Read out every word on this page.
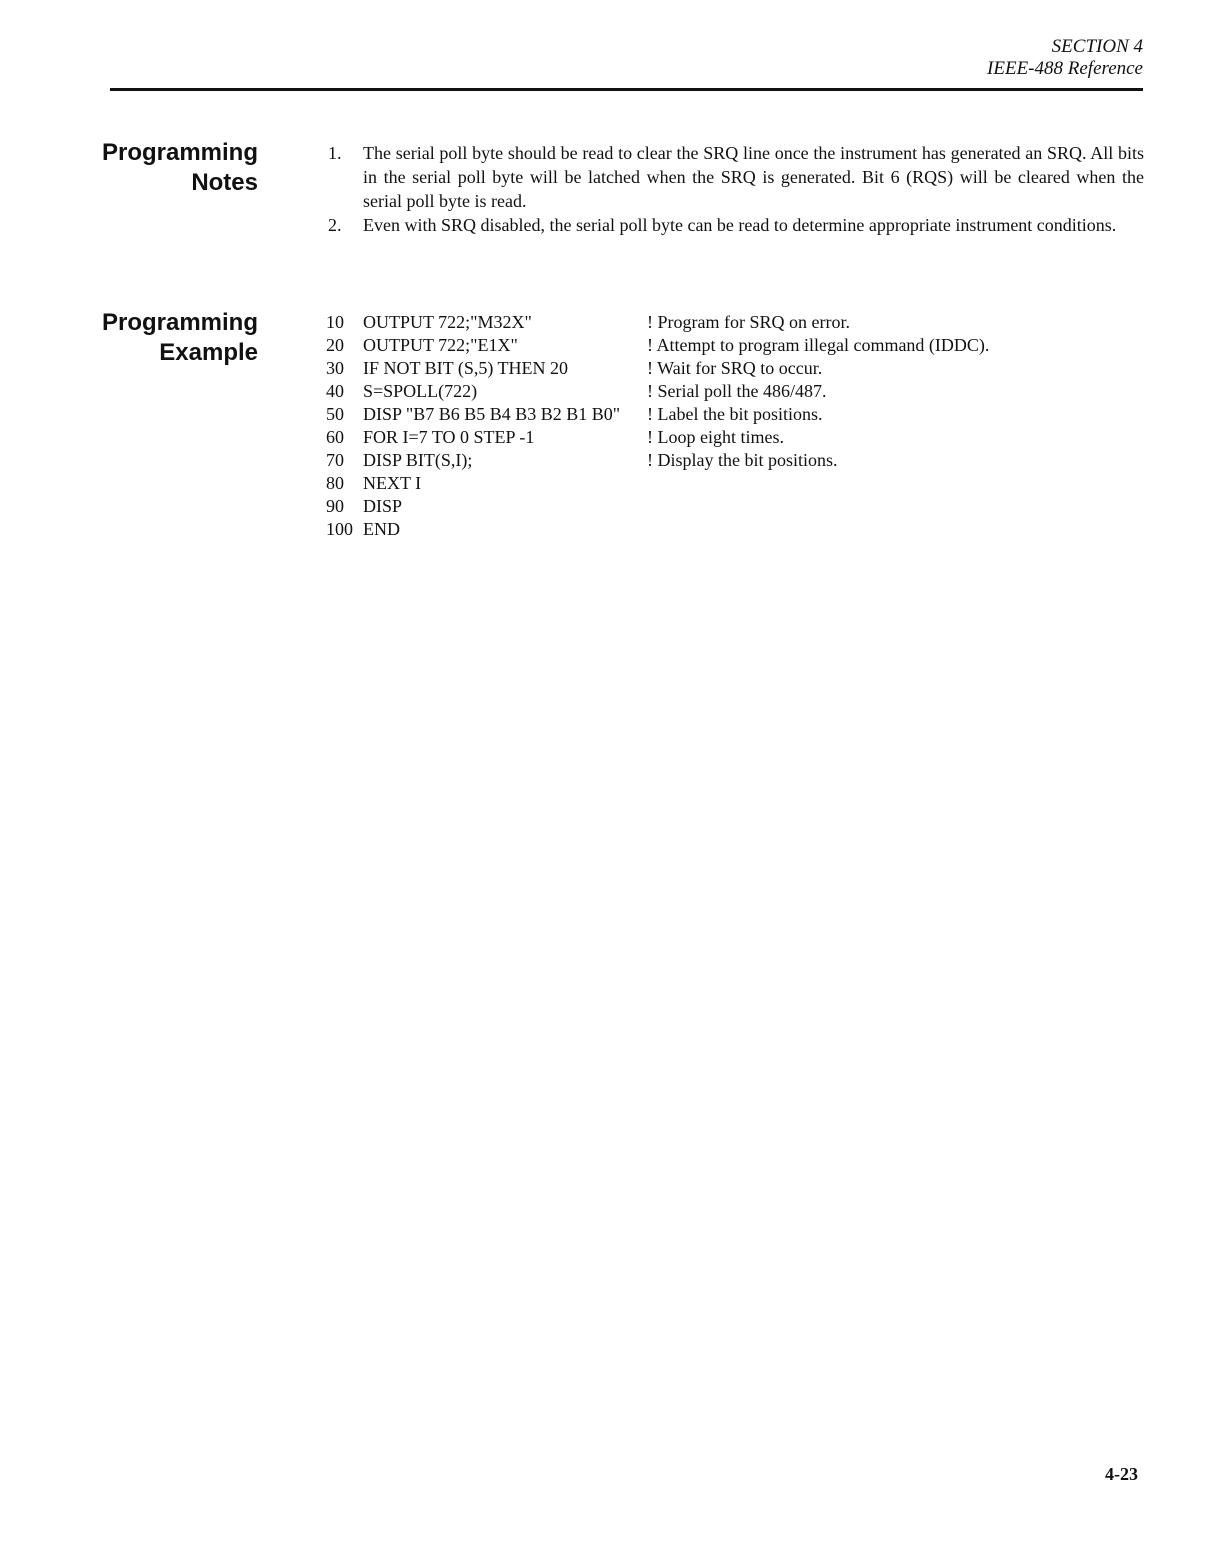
SECTION 4
IEEE-488 Reference
Programming
Notes
1. The serial poll byte should be read to clear the SRQ line once the instrument has generated an SRQ. All bits in the serial poll byte will be latched when the SRQ is generated. Bit 6 (RQS) will be cleared when the serial poll byte is read.
2. Even with SRQ disabled, the serial poll byte can be read to determine appropriate instrument conditions.
Programming
Example
10	OUTPUT 722;"M32X"	! Program for SRQ on error.
20	OUTPUT 722;"E1X"	! Attempt to program illegal command (IDDC).
30	IF NOT BIT (S,5) THEN 20	! Wait for SRQ to occur.
40	S=SPOLL(722)	! Serial poll the 486/487.
50	DISP "B7 B6 B5 B4 B3 B2 B1 B0"	! Label the bit positions.
60	FOR I=7 TO 0 STEP -1	! Loop eight times.
70	DISP BIT(S,I);	! Display the bit positions.
80	NEXT I
90	DISP
100 END
4-23
